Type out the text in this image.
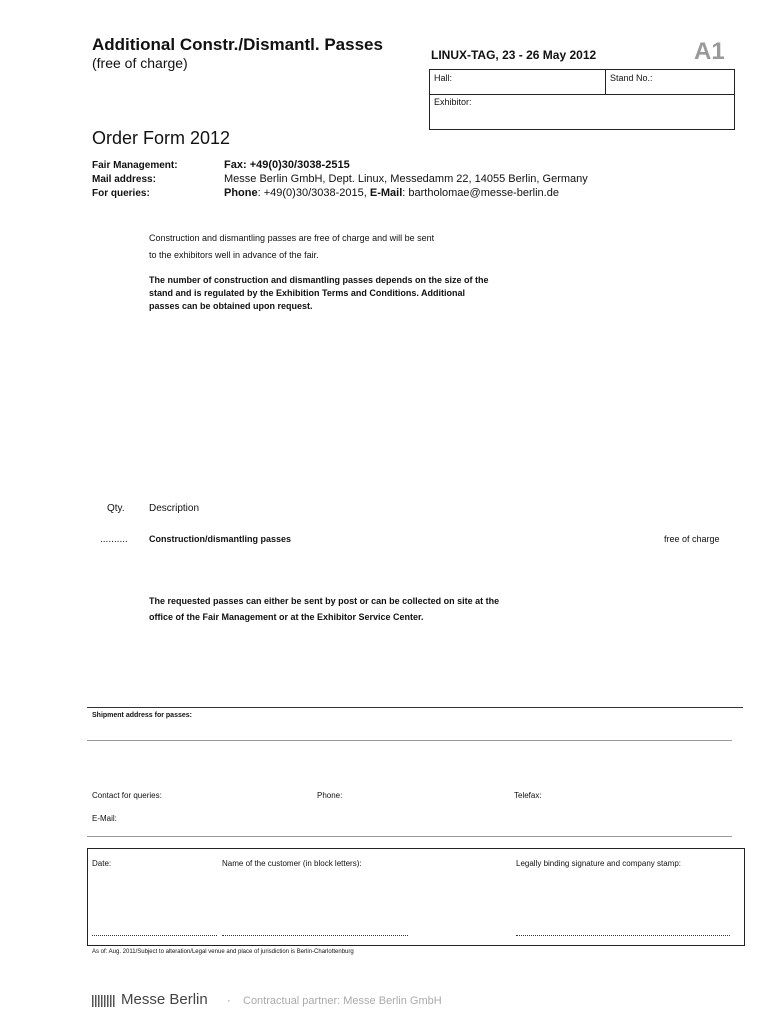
Additional Constr./Dismantl. Passes
(free of charge)	LINUX-TAG, 23 - 26 May 2012	A1
Hall:	Stand No.:
Exhibitor:
Order Form 2012
Fair Management:	Fax: +49(0)30/3038-2515
Mail address:	Messe Berlin GmbH, Dept. Linux, Messedamm 22, 14055 Berlin, Germany
For queries:	Phone: +49(0)30/3038-2015, E-Mail: bartholomae@messe-berlin.de
Construction and dismantling passes are free of charge and will be sent
to the exhibitors well in advance of the fair.
The number of construction and dismantling passes depends on the size of the stand and is regulated by the Exhibition Terms and Conditions. Additional passes can be obtained upon request.
Qty. Description
.......... Construction/dismantling passes	free of charge
The requested passes can either be sent by post or can be collected on site at the office of the Fair Management or at the Exhibitor Service Center.
Shipment address for passes:
Contact for queries:	Phone:	Telefax:
E-Mail:
Date:	Name of the customer (in block letters):	Legally binding signature and company stamp:
As of: Aug. 2011/Subject to alteration/Legal venue and place of jurisdiction is Berlin-Charlottenburg
Messe Berlin · Contractual partner: Messe Berlin GmbH
